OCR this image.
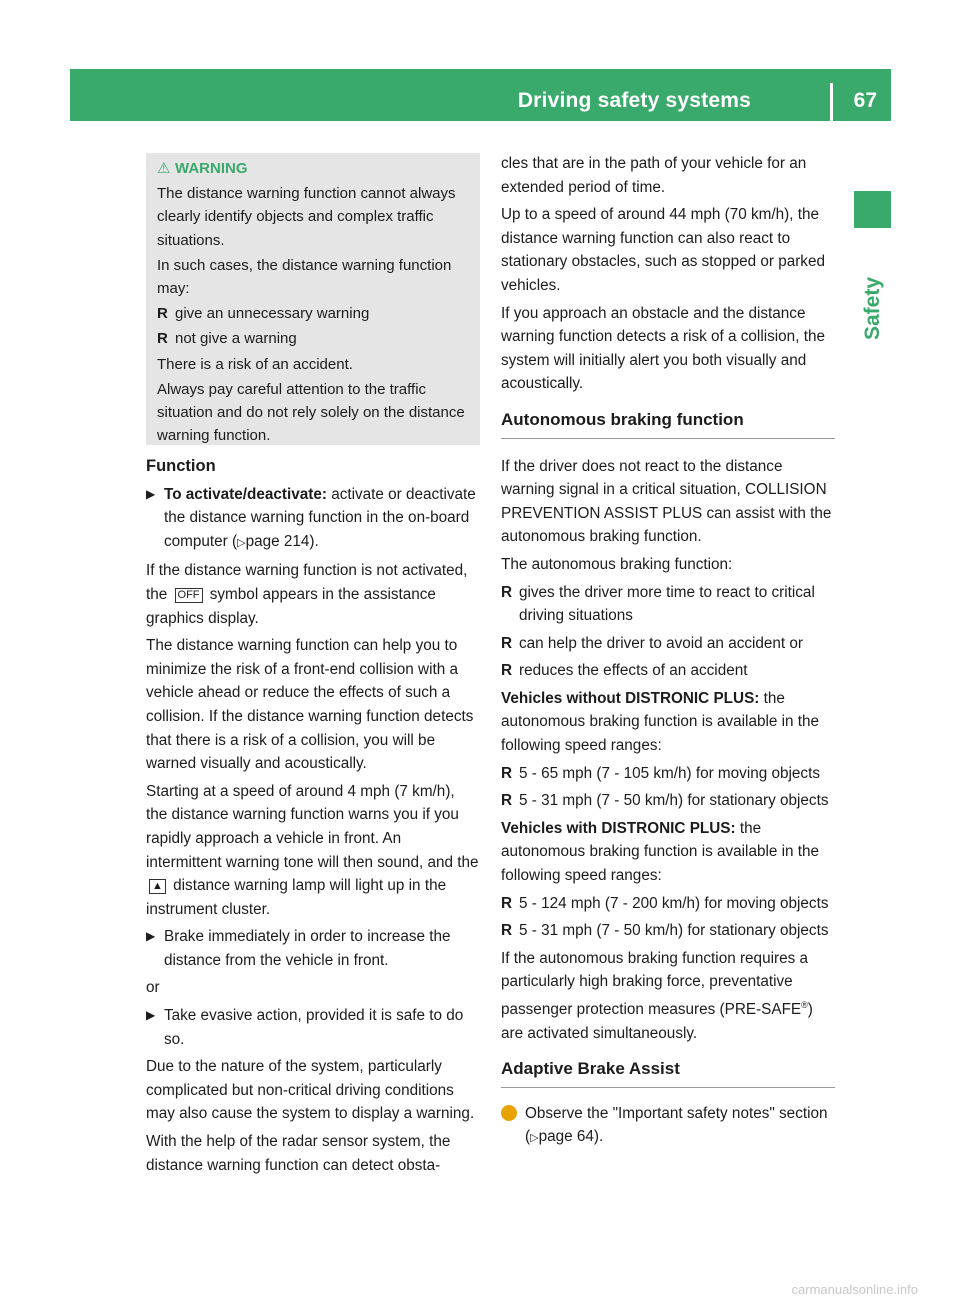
Driving safety systems	67
Safety

⚠ WARNING

The distance warning function cannot always clearly identify objects and complex traffic situations.

In such cases, the distance warning function may:

R give an unnecessary warning

R not give a warning

There is a risk of an accident.

Always pay careful attention to the traffic situation and do not rely solely on the distance warning function.

Function

▶ To activate/deactivate: activate or deactivate the distance warning function in the on-board computer (▷page 214).

If the distance warning function is not activated, the OFF symbol appears in the assistance graphics display.

The distance warning function can help you to minimize the risk of a front-end collision with a vehicle ahead or reduce the effects of such a collision. If the distance warning function detects that there is a risk of a collision, you will be warned visually and acoustically.

Starting at a speed of around 4 mph (7 km/h), the distance warning function warns you if you rapidly approach a vehicle in front. An intermittent warning tone will then sound, and the ▲ distance warning lamp will light up in the instrument cluster.

▶ Brake immediately in order to increase the distance from the vehicle in front.

or

▶ Take evasive action, provided it is safe to do so.

Due to the nature of the system, particularly complicated but non-critical driving conditions may also cause the system to display a warning.

With the help of the radar sensor system, the distance warning function can detect obsta-

cles that are in the path of your vehicle for an extended period of time.

Up to a speed of around 44 mph (70 km/h), the distance warning function can also react to stationary obstacles, such as stopped or parked vehicles.

If you approach an obstacle and the distance warning function detects a risk of a collision, the system will initially alert you both visually and acoustically.

Autonomous braking function

If the driver does not react to the distance warning signal in a critical situation, COLLISION PREVENTION ASSIST PLUS can assist with the autonomous braking function.

The autonomous braking function:

R gives the driver more time to react to critical driving situations

R can help the driver to avoid an accident or

R reduces the effects of an accident

Vehicles without DISTRONIC PLUS: the autonomous braking function is available in the following speed ranges:

R 5 - 65 mph (7 - 105 km/h) for moving objects

R 5 - 31 mph (7 - 50 km/h) for stationary objects

Vehicles with DISTRONIC PLUS: the autonomous braking function is available in the following speed ranges:

R 5 - 124 mph (7 - 200 km/h) for moving objects

R 5 - 31 mph (7 - 50 km/h) for stationary objects

If the autonomous braking function requires a particularly high braking force, preventative passenger protection measures (PRE-SAFE®) are activated simultaneously.

Adaptive Brake Assist

i Observe the "Important safety notes" section (▷page 64).

carmanualsonline.info
